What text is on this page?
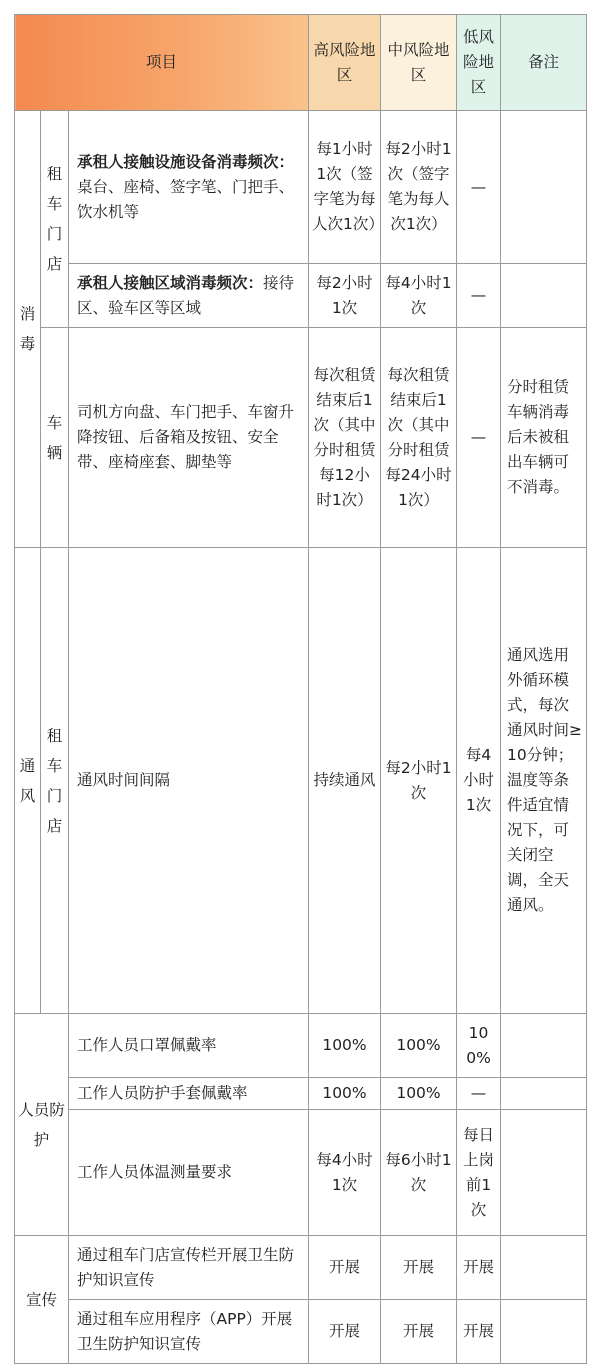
项目			高风险地区	中风险地区	低风险地区	备注
消毒	租车门店	承租人接触设施设备消毒频次：桌台、座椅、签字笔、门把手、饮水机等	每1小时1次（签字笔为每人次1次）	每2小时1次（签字笔为每人次1次）	—	
		承租人接触区域消毒频次：接待区、验车区等区域	每2小时1次	每4小时1次	—	
	车辆	司机方向盘、车门把手、车窗升降按钮、后备箱及按钮、安全带、座椅座套、脚垫等	每次租赁结束后1次（其中分时租赁每12小时1次）	每次租赁结束后1次（其中分时租赁每24小时1次）	—	分时租赁车辆消毒后未被租出车辆可不消毒。
通风	租车门店	通风时间间隔	持续通风	每2小时1次	每4小时1次	通风选用外循环模式，每次通风时间≥10分钟；温度等条件适宜情况下，可关闭空调，全天通风。
人员防护		工作人员口罩佩戴率	100%	100%	100%	
		工作人员防护手套佩戴率	100%	100%	—	
		工作人员体温测量要求	每4小时1次	每6小时1次	每日上岗前1次	
宣传		通过租车门店宣传栏开展卫生防护知识宣传	开展	开展	开展	
		通过租车应用程序（APP）开展卫生防护知识宣传	开展	开展	开展	
